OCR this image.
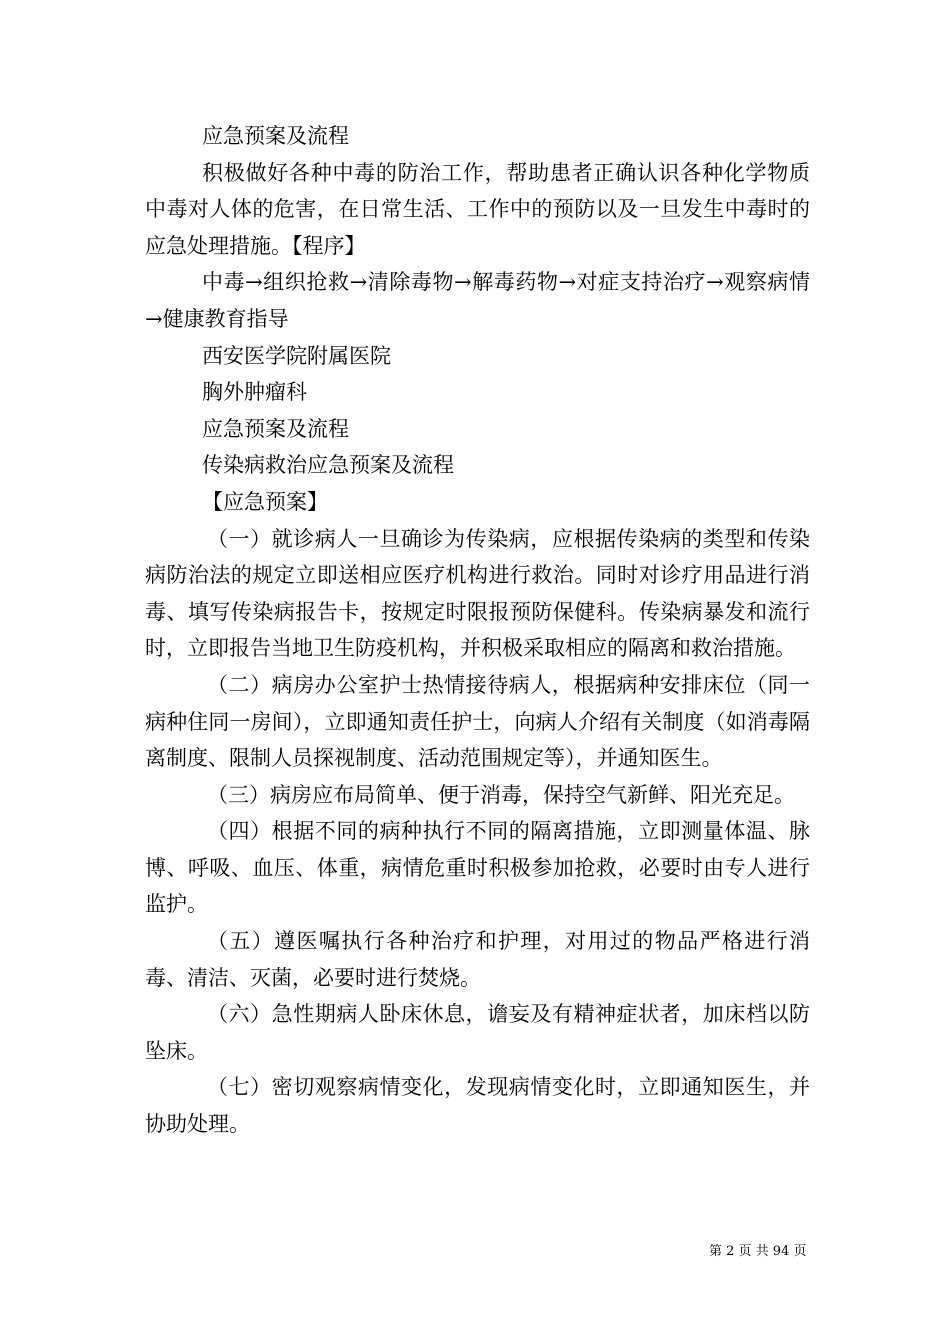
应急预案及流程

积极做好各种中毒的防治工作，帮助患者正确认识各种化学物质中毒对人体的危害，在日常生活、工作中的预防以及一旦发生中毒时的应急处理措施。【程序】

中毒→组织抢救→清除毒物→解毒药物→对症支持治疗→观察病情→健康教育指导

西安医学院附属医院

胸外肿瘤科

应急预案及流程

传染病救治应急预案及流程

【应急预案】

（一）就诊病人一旦确诊为传染病，应根据传染病的类型和传染病防治法的规定立即送相应医疗机构进行救治。同时对诊疗用品进行消毒、填写传染病报告卡，按规定时限报预防保健科。传染病暴发和流行时，立即报告当地卫生防疫机构，并积极采取相应的隔离和救治措施。

（二）病房办公室护士热情接待病人，根据病种安排床位（同一病种住同一房间），立即通知责任护士，向病人介绍有关制度（如消毒隔离制度、限制人员探视制度、活动范围规定等），并通知医生。

（三）病房应布局简单、便于消毒，保持空气新鲜、阳光充足。

（四）根据不同的病种执行不同的隔离措施，立即测量体温、脉博、呼吸、血压、体重，病情危重时积极参加抢救，必要时由专人进行监护。

（五）遵医嘱执行各种治疗和护理，对用过的物品严格进行消毒、清洁、灭菌，必要时进行焚烧。

（六）急性期病人卧床休息，谵妄及有精神症状者，加床档以防坠床。

（七）密切观察病情变化，发现病情变化时，立即通知医生，并协助处理。

第 2 页 共 94 页
